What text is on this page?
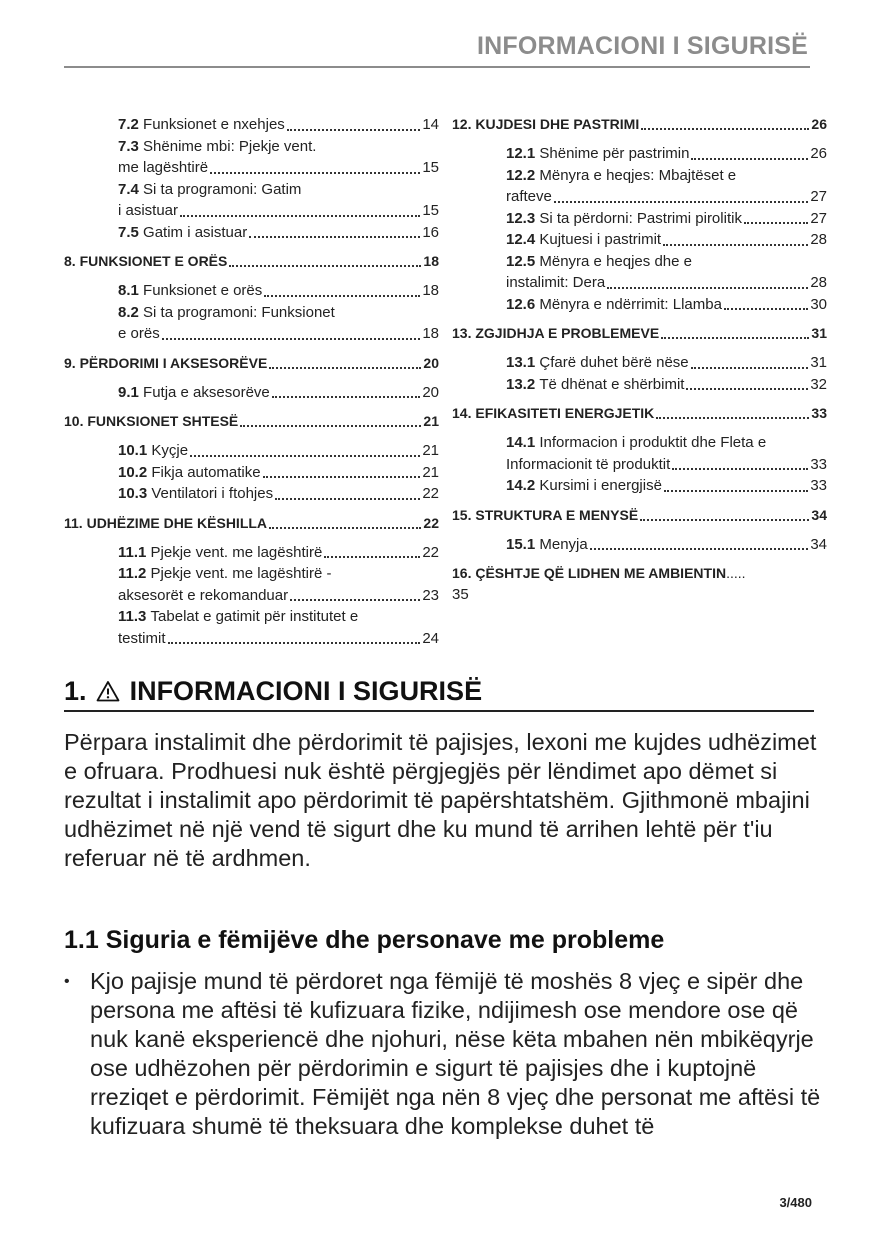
INFORMACIONI I SIGURISË
7.2
Funksionet e nxehjes	14
7.3 Shënime mbi: Pjekje vent.
me lagështirë	15
7.4 Si ta programoni: Gatim
i asistuar	15
7.5
Gatim i asistuar	16
8. FUNKSIONET E ORËS	18
8.1
Funksionet e orës	18
8.2 Si ta programoni: Funksionet
e orës	18
9. PËRDORIMI I AKSESORËVE	20
9.1
Futja e aksesorëve	20
10. FUNKSIONET SHTESË	21
10.1
Kyçje	21
10.2
Fikja automatike	21
10.3
Ventilatori i ftohjes	22
11. UDHËZIME DHE KËSHILLA	22
11.1
Pjekje vent. me lagështirë	22
11.2 Pjekje vent. me lagështirë -
aksesorët e rekomanduar	23
11.3 Tabelat e gatimit për institutet e
testimit	24
12. KUJDESI DHE PASTRIMI	26
12.1
Shënime për pastrimin	26
12.2 Mënyra e heqjes: Mbajtëset e
rafteve	27
12.3
Si ta përdorni: Pastrimi pirolitik	27
12.4
Kujtuesi i pastrimit	28
12.5 Mënyra e heqjes dhe e
instalimit: Dera	28
12.6
Mënyra e ndërrimit: Llamba	30
13. ZGJIDHJA E PROBLEMEVE	31
13.1
Çfarë duhet bërë nëse	31
13.2
Të dhënat e shërbimit	32
14. EFIKASITETI ENERGJETIK	33
14.1 Informacion i produktit dhe Fleta e
Informacionit të produktit	33
14.2
Kursimi i energjisë	33
15. STRUKTURA E MENYSË	34
15.1
Menyja	34
16. ÇËSHTJE QË LIDHEN ME AMBIENTIN.....
35
1. INFORMACIONI I SIGURISË
Përpara instalimit dhe përdorimit të pajisjes, lexoni me kujdes udhëzimet e ofruara. Prodhuesi nuk është përgjegjës për lëndimet apo dëmet si rezultat i instalimit apo përdorimit të papërshtatshëm. Gjithmonë mbajini udhëzimet në një vend të sigurt dhe ku mund të arrihen lehtë për t'iu referuar në të ardhmen.
1.1 Siguria e fëmijëve dhe personave me probleme
• Kjo pajisje mund të përdoret nga fëmijë të moshës 8 vjeç e sipër dhe persona me aftësi të kufizuara fizike, ndijimesh ose mendore ose që nuk kanë eksperiencë dhe njohuri, nëse këta mbahen nën mbikëqyrje ose udhëzohen për përdorimin e sigurt të pajisjes dhe i kuptojnë rreziqet e përdorimit. Fëmijët nga nën 8 vjeç dhe personat me aftësi të kufizuara shumë të theksuara dhe komplekse duhet të
3/480
